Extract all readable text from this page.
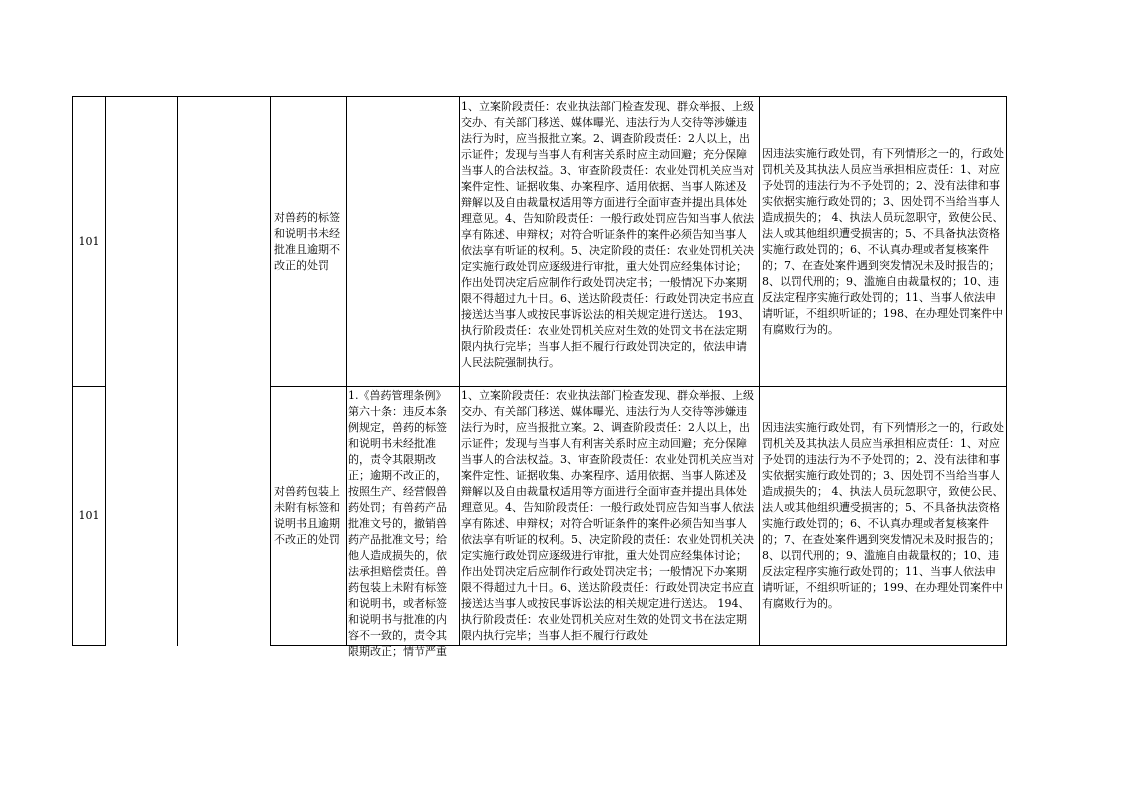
101
对兽药的标签和说明书未经批准且逾期不改正的处罚
1、立案阶段责任：农业执法部门检查发现、群众举报、上级交办、有关部门移送、媒体曝光、违法行为人交待等涉嫌违法行为时，应当报批立案。2、调查阶段责任：2人以上，出示证件；发现与当事人有利害关系时应主动回避；充分保障当事人的合法权益。3、审查阶段责任：农业处罚机关应当对案件定性、证据收集、办案程序、适用依据、当事人陈述及辩解以及自由裁量权适用等方面进行全面审查并提出具体处理意见。4、告知阶段责任：一般行政处罚应告知当事人依法享有陈述、申辩权；对符合听证条件的案件必须告知当事人依法享有听证的权利。5、决定阶段的责任：农业处罚机关决定实施行政处罚应逐级进行审批，重大处罚应经集体讨论；作出处罚决定后应制作行政处罚决定书；一般情况下办案期限不得超过九十日。6、送达阶段责任：行政处罚决定书应直接送达当事人或按民事诉讼法的相关规定进行送达。 193、执行阶段责任：农业处罚机关应对生效的处罚文书在法定期限内执行完毕；当事人拒不履行行政处罚决定的，依法申请人民法院强制执行。
因违法实施行政处罚，有下列情形之一的，行政处罚机关及其执法人员应当承担相应责任：1、对应予处罚的违法行为不予处罚的；2、没有法律和事实依据实施行政处罚的；3、因处罚不当给当事人造成损失的； 4、执法人员玩忽职守，致使公民、法人或其他组织遭受损害的；5、不具备执法资格实施行政处罚的；6、不认真办理或者复核案件的；7、在查处案件遇到突发情况未及时报告的；8、以罚代刑的；9、滥施自由裁量权的；10、违反法定程序实施行政处罚的；11、当事人依法申请听证，不组织听证的；198、在办理处罚案件中有腐败行为的。
101
对兽药包装上未附有标签和说明书且逾期不改正的处罚
1.《兽药管理条例》第六十条：违反本条例规定，兽药的标签和说明书未经批准的，责令其限期改正；逾期不改正的，按照生产、经营假兽药处罚；有兽药产品批准文号的，撤销兽药产品批准文号；给他人造成损失的，依法承担赔偿责任。兽药包装上未附有标签和说明书，或者标签和说明书与批准的内容不一致的，责令其限期改正；情节严重
1、立案阶段责任：农业执法部门检查发现、群众举报、上级交办、有关部门移送、媒体曝光、违法行为人交待等涉嫌违法行为时，应当报批立案。2、调查阶段责任：2人以上，出示证件；发现与当事人有利害关系时应主动回避；充分保障当事人的合法权益。3、审查阶段责任：农业处罚机关应当对案件定性、证据收集、办案程序、适用依据、当事人陈述及辩解以及自由裁量权适用等方面进行全面审查并提出具体处理意见。4、告知阶段责任：一般行政处罚应告知当事人依法享有陈述、申辩权；对符合听证条件的案件必须告知当事人依法享有听证的权利。5、决定阶段的责任：农业处罚机关决定实施行政处罚应逐级进行审批，重大处罚应经集体讨论；作出处罚决定后应制作行政处罚决定书；一般情况下办案期限不得超过九十日。6、送达阶段责任：行政处罚决定书应直接送达当事人或按民事诉讼法的相关规定进行送达。 194、执行阶段责任：农业处罚机关应对生效的处罚文书在法定期限内执行完毕；当事人拒不履行行政处
因违法实施行政处罚，有下列情形之一的，行政处罚机关及其执法人员应当承担相应责任：1、对应予处罚的违法行为不予处罚的；2、没有法律和事实依据实施行政处罚的；3、因处罚不当给当事人造成损失的； 4、执法人员玩忽职守，致使公民、法人或其他组织遭受损害的；5、不具备执法资格实施行政处罚的；6、不认真办理或者复核案件的；7、在查处案件遇到突发情况未及时报告的；8、以罚代刑的；9、滥施自由裁量权的；10、违反法定程序实施行政处罚的；11、当事人依法申请听证，不组织听证的；199、在办理处罚案件中有腐败行为的。
